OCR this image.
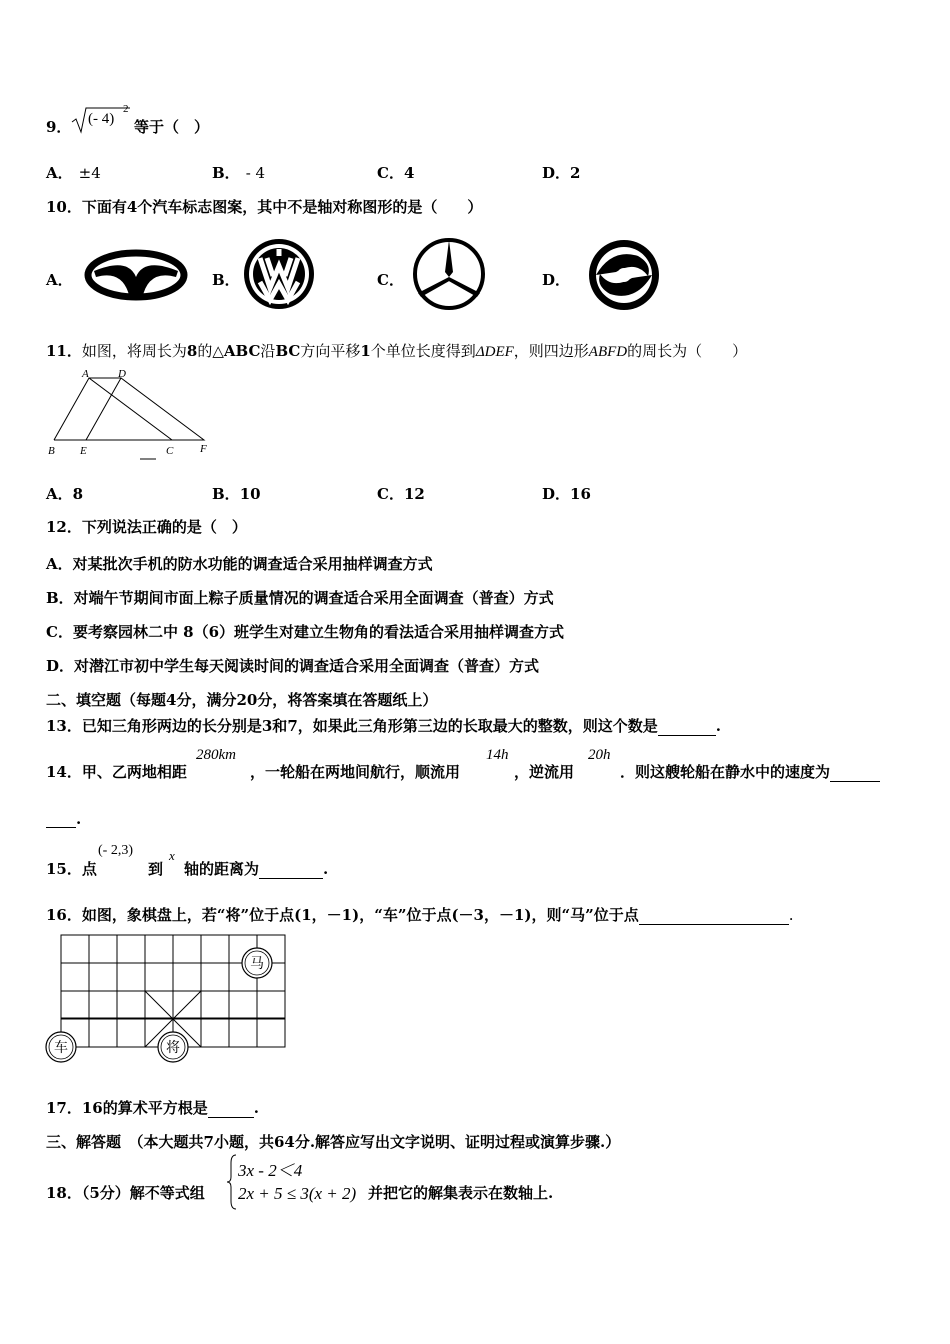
9． (- 4)
2
等于（　）
A． ±4	B． - 4	C．4	D．2
10．下面有4个汽车标志图案，其中不是轴对称图形的是（　　）
A．	B．	C．	D．
11．如图，将周长为8的△ABC沿BC方向平移1个单位长度得到ΔDEF，则四边形ABFD的周长为（　　）
A	D
B E	C F
A．8	B．10	C．12	D．16
12．下列说法正确的是（　）
A．对某批次手机的防水功能的调查适合采用抽样调查方式
B．对端午节期间市面上粽子质量情况的调查适合采用全面调查（普查）方式
C．要考察园林二中 8（6）班学生对建立生物角的看法适合采用抽样调查方式
D．对潜江市初中学生每天阅读时间的调查适合采用全面调查（普查）方式
二、填空题（每题4分，满分20分，将答案填在答题纸上）
13．已知三角形两边的长分别是3和7，如果此三角形第三边的长取最大的整数，则这个数是	.
14．甲、乙两地相距
280km
，一轮船在两地间航行，顺流用
14h
，逆流用
20h
．则这艘轮船在静水中的速度为
.
15．点
(- 2,3)
到
x
轴的距离为	.
16．如图，象棋盘上，若“将”位于点(1，－1)，“车”位于点(－3，－1)，则“马”位于点	.
马
车	将
17．16的算术平方根是	.
三、解答题　（本大题共7小题，共64分.解答应写出文字说明、证明过程或演算步骤.）
18．（5分）解不等式组
3x - 2＜4
2x + 5 ≤ 3(x + 2) 并把它的解集表示在数轴上.
